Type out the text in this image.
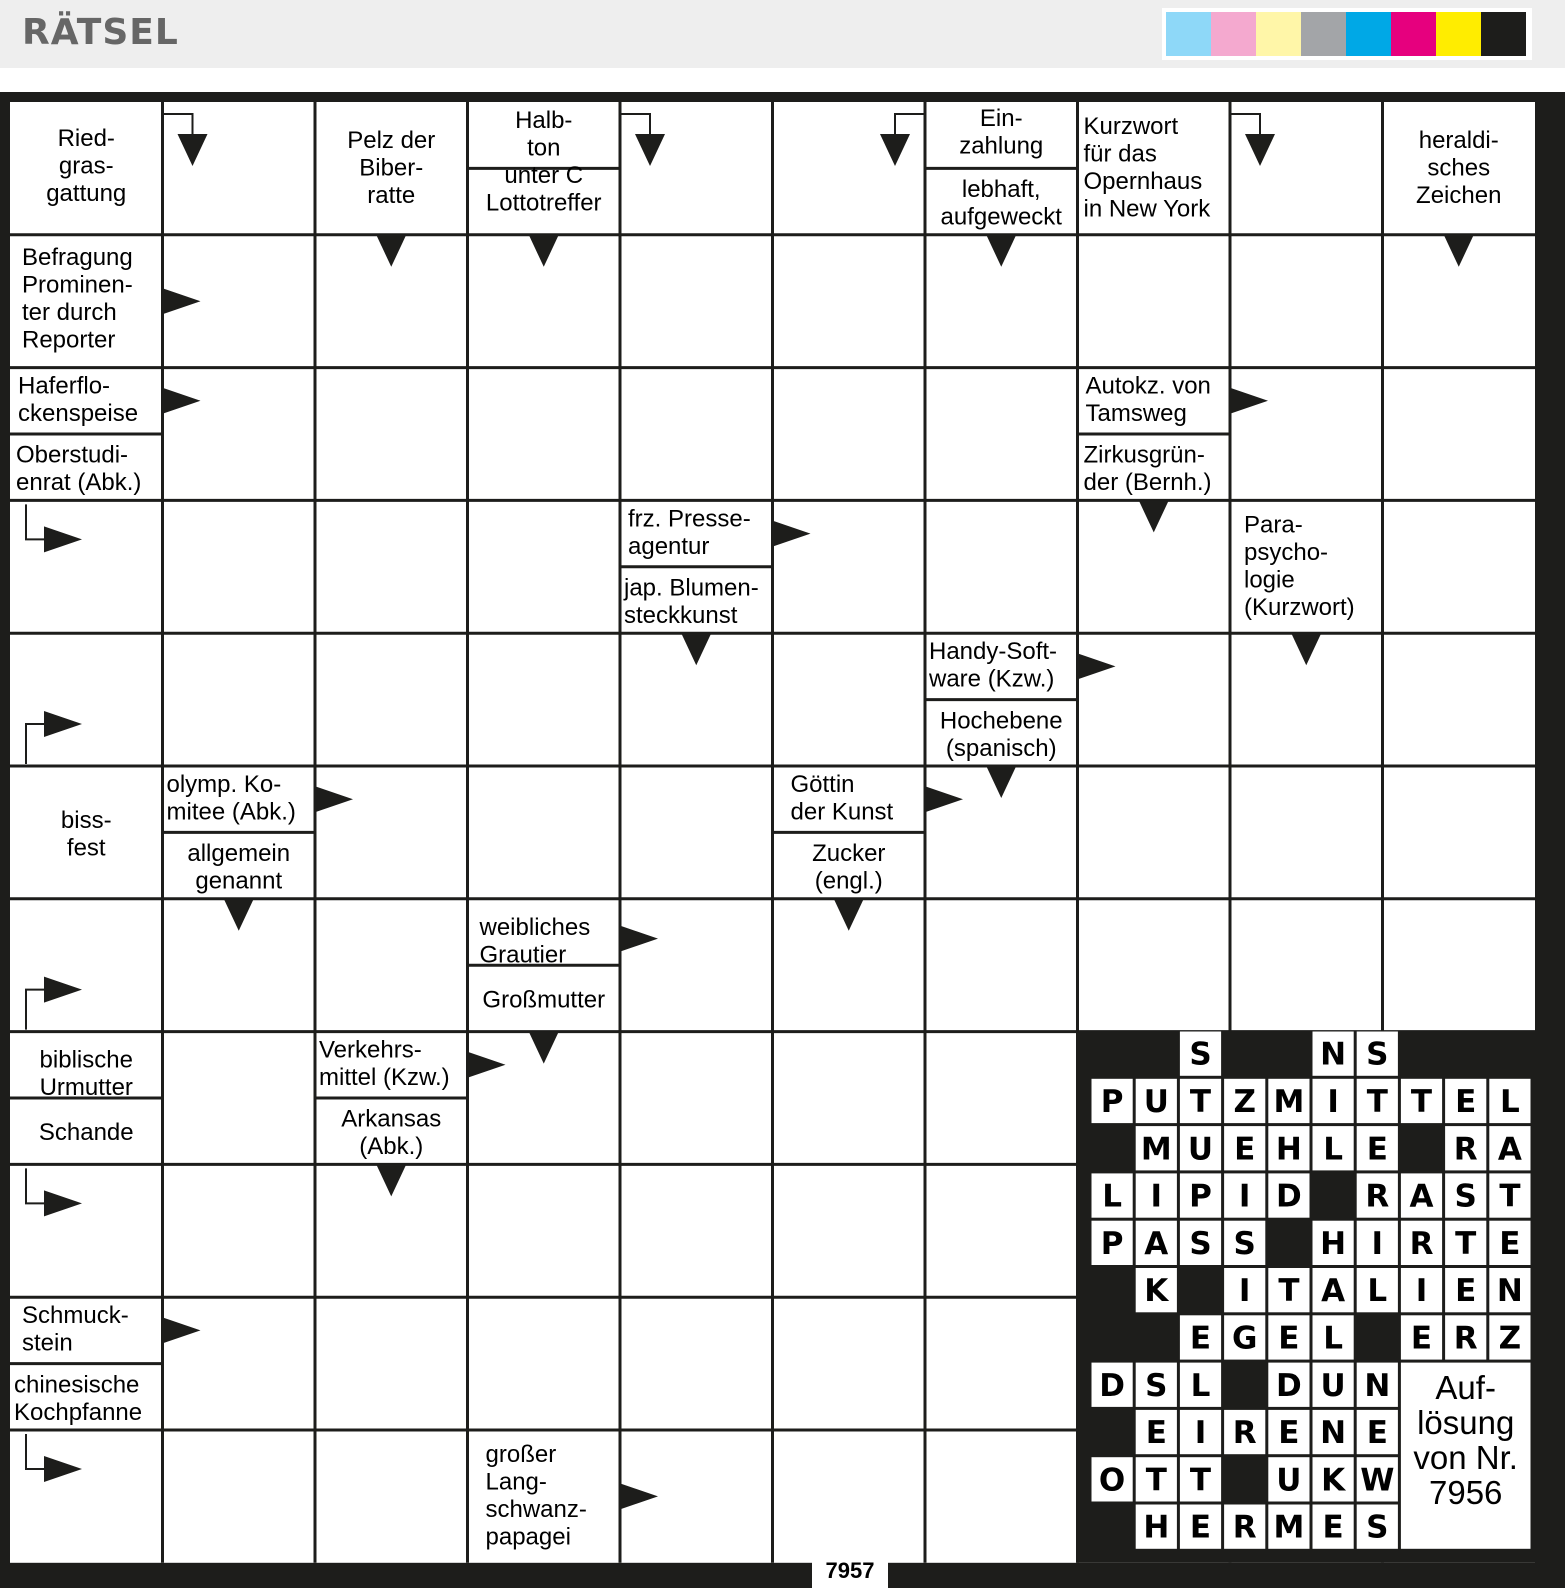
RÄTSEL
S	N S
P U T Z M I T T E L
M U E H L E R A
L I P I D R A S T
P A S S H I R T E
K I T A L I E N
E G E L E R Z
D S L D U N
E I R E N E
O T T U K W
H E R M E S
Auf-lösung von Nr. 7956
Ried-gras-gattung
Pelz der Biber-ratte
Halb-ton unter C
Lottotreffer
Ein-zahlung
lebhaft, aufgeweckt
Kurzwort für das Opernhaus in New York
heraldi-sches Zeichen
Befragung Prominen-ter durch Reporter
Haferflo-ckenspeise
Oberstudi-enrat (Abk.)
Autokz. von Tamsweg
Zirkusgrün-der (Bernh.)
frz. Presse-agentur
jap. Blumen-steckkunst
Para-psycho-logie (Kurzwort)
Handy-Soft-ware (Kzw.)
Hochebene (spanisch)
biss-fest
olymp. Ko-mitee (Abk.)
allgemein genannt
Göttin der Kunst
Zucker (engl.)
weibliches Grautier
Großmutter
biblische Urmutter
Schande
Verkehrs-mittel (Kzw.)
Arkansas (Abk.)
Schmuck-stein
chinesische Kochpfanne
großer Lang-schwanz-papagei
7957
